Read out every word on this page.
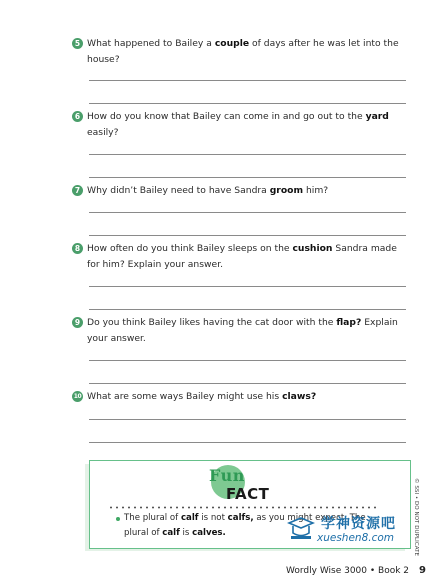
5 What happened to Bailey a couple of days after he was let into the house?
6 How do you know that Bailey can come in and go out to the yard easily?
7 Why didn’t Bailey need to have Sandra groom him?
8 How often do you think Bailey sleeps on the cushion Sandra made for him? Explain your answer.
9 Do you think Bailey likes having the cat door with the flap? Explain your answer.
10 What are some ways Bailey might use his claws?
Fun
FACT
The plural of calf is not calfs, as you might expect. The
plural of calf is calves.
学神资源吧
xueshen8.com	© SSI • DO NOT DUPLICATE
Wordly Wise 3000 • Book 2 9
